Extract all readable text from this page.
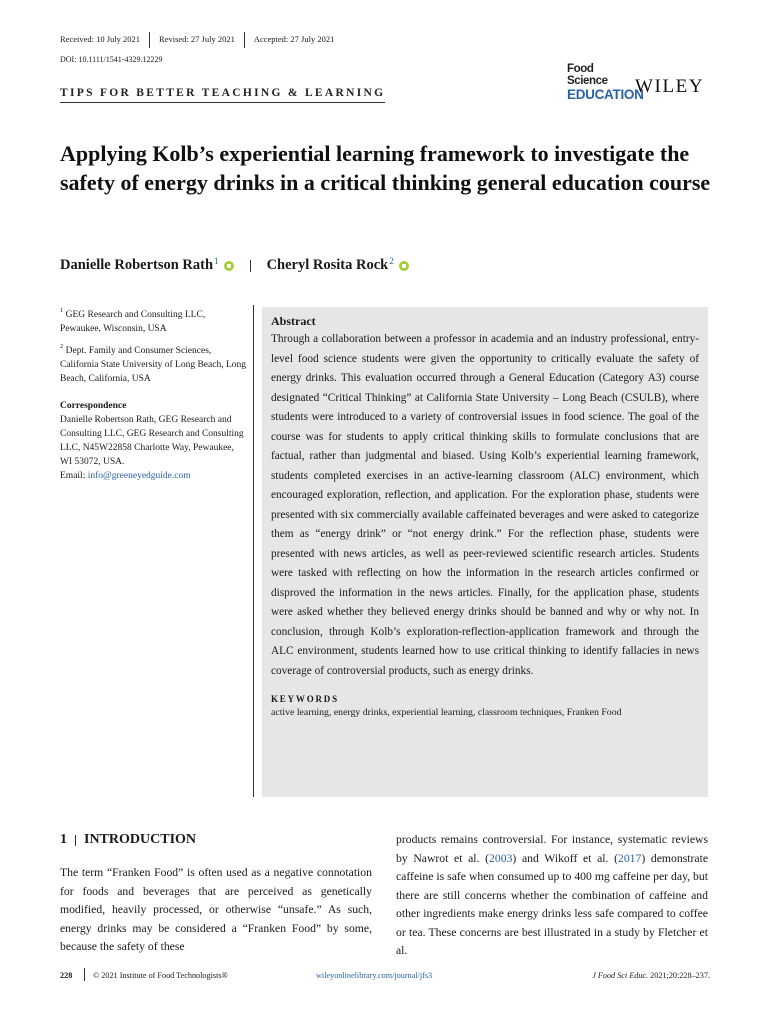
Received: 10 July 2021	Revised: 27 July 2021	Accepted: 27 July 2021
DOI: 10.1111/1541-4329.12229
TIPS FOR BETTER TEACHING & LEARNING
Food Science
EDUCATION
WILEY
Applying Kolb’s experiential learning framework to investigate the safety of energy drinks in a critical thinking general education course
Danielle Robertson Rath$^1$	Cheryl Rosita Rock$^2$

$^1$ GEG Research and Consulting LLC, Pewaukee, Wisconsin, USA

$^2$ Dept. Family and Consumer Sciences, California State University of Long Beach, Long Beach, California, USA

Correspondence

Danielle Robertson Rath, GEG Research and Consulting LLC, GEG Research and Consulting LLC, N45W22858 Charlotte Way, Pewaukee, WI 53072, USA.

Email: info@greeneyedguide.com

Abstract

Through a collaboration between a professor in academia and an industry professional, entry-level food science students were given the opportunity to critically evaluate the safety of energy drinks. This evaluation occurred through a General Education (Category A3) course designated “Critical Thinking” at California State University – Long Beach (CSULB), where students were introduced to a variety of controversial issues in food science. The goal of the course was for students to apply critical thinking skills to formulate conclusions that are factual, rather than judgmental and biased. Using Kolb’s experiential learning framework, students completed exercises in an active-learning classroom (ALC) environment, which encouraged exploration, reflection, and application. For the exploration phase, students were presented with six commercially available caffeinated beverages and were asked to categorize them as “energy drink” or “not energy drink.” For the reflection phase, students were presented with news articles, as well as peer-reviewed scientific research articles. Students were tasked with reflecting on how the information in the research articles confirmed or disproved the information in the news articles. Finally, for the application phase, students were asked whether they believed energy drinks should be banned and why or why not. In conclusion, through Kolb’s exploration-reflection-application framework and through the ALC environment, students learned how to use critical thinking to identify fallacies in news coverage of controversial products, such as energy drinks.

KEYWORDS

active learning, energy drinks, experiential learning, classroom techniques, Franken Food

1 INTRODUCTION

The term “Franken Food” is often used as a negative connotation for foods and beverages that are perceived as genetically modified, heavily processed, or otherwise “unsafe.” As such, energy drinks may be considered a “Franken Food” by some, because the safety of these

products remains controversial. For instance, systematic reviews by Nawrot et al. (2003) and Wikoff et al. (2017) demonstrate caffeine is safe when consumed up to 400 mg caffeine per day, but there are still concerns whether the combination of caffeine and other ingredients make energy drinks less safe compared to coffee or tea. These concerns are best illustrated in a study by Fletcher et al.

228	© 2021 Institute of Food Technologists®	wileyonlinelibrary.com/journal/jfs3	J Food Sci Educ. 2021;20:228–237.
